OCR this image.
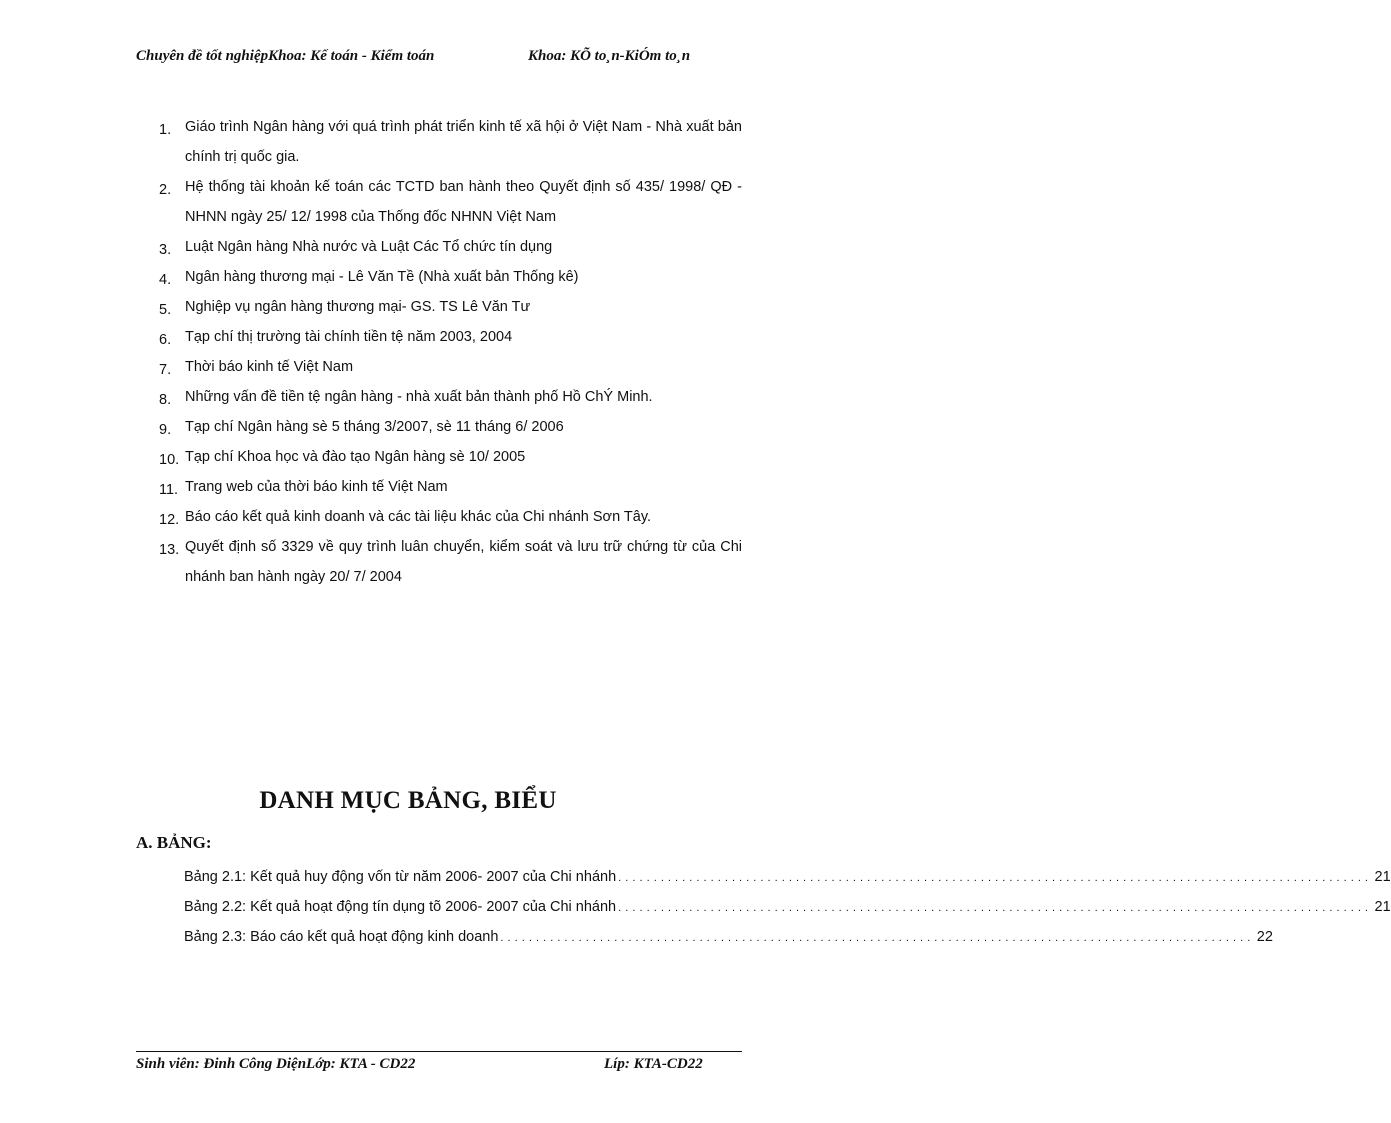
Chuyên đề tốt nghiệpKhoa: Kế toán - Kiểm toán	Khoa: KÕ to¸n-KiÓm to¸n
1. Giáo trình Ngân hàng với quá trình phát triển kinh tế xã hội ở Việt Nam - Nhà xuất bản chính trị quốc gia.
2. Hệ thống tài khoản kế toán các TCTD ban hành theo Quyết định số 435/ 1998/ QĐ - NHNN ngày 25/ 12/ 1998 của Thống đốc NHNN Việt Nam
3. Luật Ngân hàng Nhà nước và Luật Các Tổ chức tín dụng
4. Ngân hàng thương mại - Lê Văn Tề (Nhà xuất bản Thống kê)
5. Nghiệp vụ ngân hàng thương mại- GS. TS Lê Văn Tư
6. Tạp chí thị trường tài chính tiền tệ năm 2003, 2004
7. Thời báo kinh tế Việt Nam
8. Những vấn đề tiền tệ ngân hàng - nhà xuất bản thành phố Hồ ChÝ Minh.
9. Tạp chí Ngân hàng sè 5 tháng 3/2007, sè 11 tháng 6/ 2006
10. Tạp chí Khoa học và đào tạo Ngân hàng sè 10/ 2005
11. Trang web của thời báo kinh tế Việt Nam
12. Báo cáo kết quả kinh doanh và các tài liệu khác của Chi nhánh Sơn Tây.
13. Quyết định số 3329 về quy trình luân chuyển, kiểm soát và lưu trữ chứng từ của Chi nhánh ban hành ngày 20/ 7/ 2004
DANH MỤC BẢNG, BIỂU
A. BẢNG:
Bảng 2.1: Kết quả huy động vốn từ năm 2006- 2007 của Chi nhánh . . . . . . . . . . . . . . . . . . . . . . . . . . . . . . . . . . . . . . . . . . . . . . . . . . . . . . . . . . . . . . . . . . . . . . . . . . . . . . . . . . . . . . . . . . . . . . . . . . . . . . . . . . 21
Bảng 2.2: Kết quả hoạt động tín dụng tõ 2006- 2007 của Chi nhánh . . . . . . . . . . . . . . . . . . . . . . . . . . . . . . . . . . . . . . . . . . . . . . . . . . . . . . . . . . . . . . . . . . . . . . . . . . . . . . . . . . . . . . . . . . . . . . . . . . . . . . . . . . 21
Bảng 2.3: Báo cáo kết quả hoạt động kinh doanh . . . . . . . . . . . . . . . . . . . . . . . . . . . . . . . . . . . . . . . . . . . . . . . . . . . . . . . . . . . . . . . . . . . . . . . . . . . . . . . . . . . . . . . . . . . . . . . . . . . . . . . . . . 22
Sinh viên: Đinh Công DiệnLớp: KTA - CD22	Líp: KTA-CD22
